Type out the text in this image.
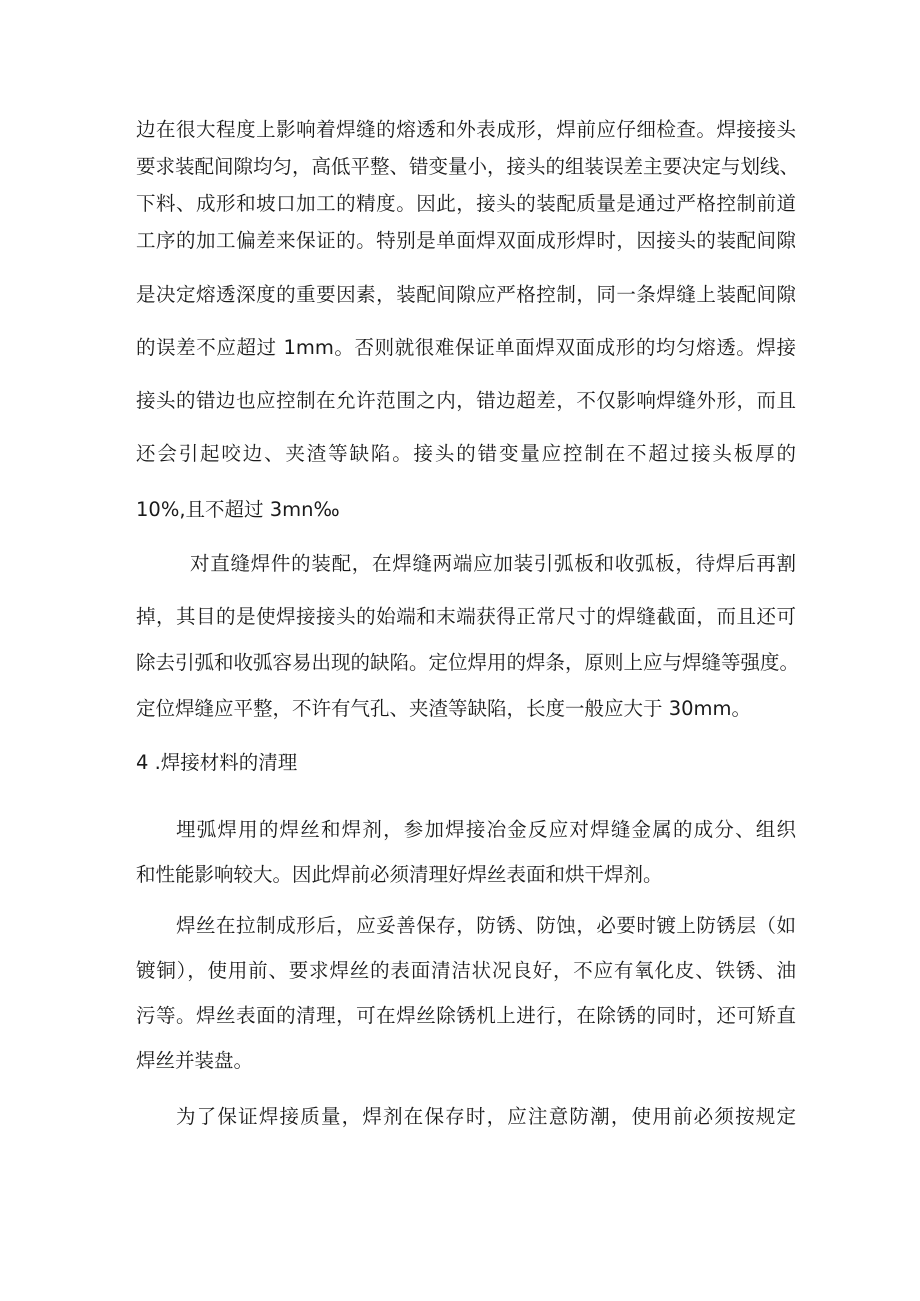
边在很大程度上影响着焊缝的熔透和外表成形，焊前应仔细检查。焊接接头
要求装配间隙均匀，高低平整、错变量小，接头的组装误差主要决定与划线、
下料、成形和坡口加工的精度。因此，接头的装配质量是通过严格控制前道
工序的加工偏差来保证的。特别是单面焊双面成形焊时，因接头的装配间隙
是决定熔透深度的重要因素，装配间隙应严格控制，同一条焊缝上装配间隙
的误差不应超过 1mm。否则就很难保证单面焊双面成形的均匀熔透。焊接
接头的错边也应控制在允许范围之内，错边超差，不仅影响焊缝外形，而且
还会引起咬边、夹渣等缺陷。接头的错变量应控制在不超过接头板厚的
10%,且不超过 3mn‰
对直缝焊件的装配，在焊缝两端应加装引弧板和收弧板，待焊后再割
掉，其目的是使焊接接头的始端和末端获得正常尺寸的焊缝截面，而且还可
除去引弧和收弧容易出现的缺陷。定位焊用的焊条，原则上应与焊缝等强度。
定位焊缝应平整，不许有气孔、夹渣等缺陷，长度一般应大于 30mm。
4 .焊接材料的清理
埋弧焊用的焊丝和焊剂，参加焊接冶金反应对焊缝金属的成分、组织
和性能影响较大。因此焊前必须清理好焊丝表面和烘干焊剂。
焊丝在拉制成形后，应妥善保存，防锈、防蚀，必要时镀上防锈层（如
镀铜），使用前、要求焊丝的表面清洁状况良好，不应有氧化皮、铁锈、油
污等。焊丝表面的清理，可在焊丝除锈机上进行，在除锈的同时，还可矫直
焊丝并装盘。
为了保证焊接质量，焊剂在保存时，应注意防潮，使用前必须按规定
